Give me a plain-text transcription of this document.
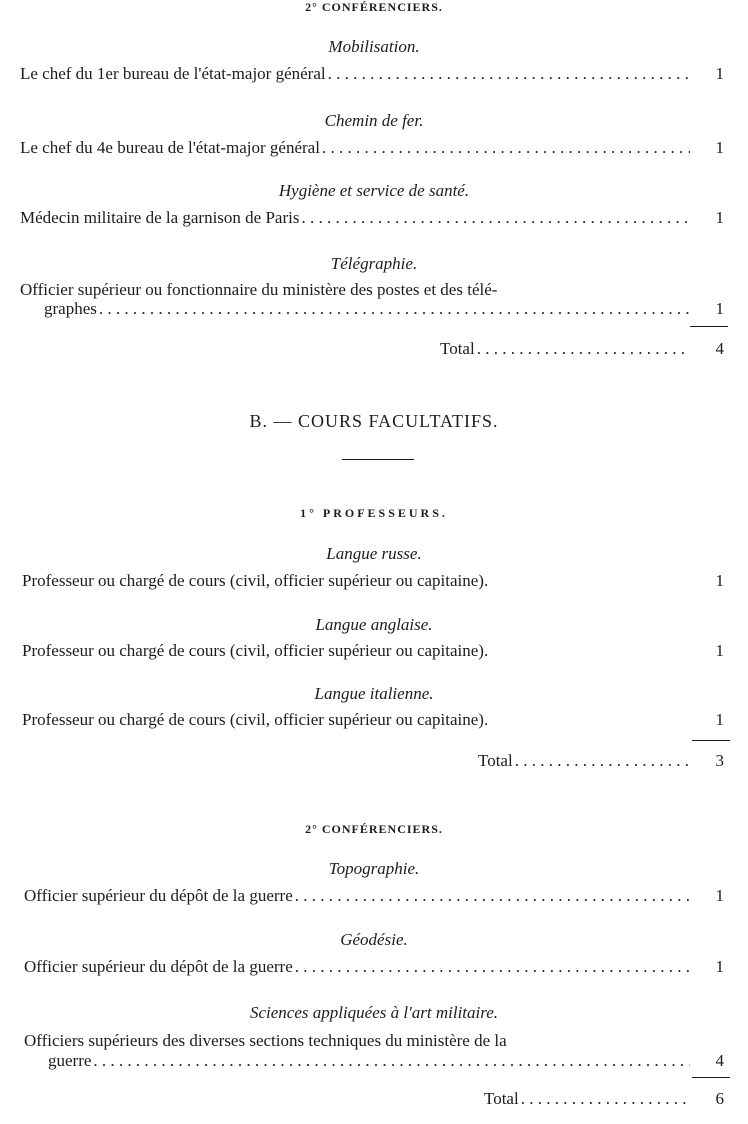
2° CONFÉRENCIERS.
Mobilisation.
Le chef du 1er bureau de l'état-major général . . .	1
Chemin de fer.
Le chef du 4e bureau de l'état-major général . . .	1
Hygiène et service de santé.
Médecin militaire de la garnison de Paris . . .	1
Télégraphie.
Officier supérieur ou fonctionnaire du ministère des postes et des télé-
graphes . . .	1
Total . . .	4
B. — COURS FACULTATIFS.
1° PROFESSEURS.
Langue russe.
Professeur ou chargé de cours (civil, officier supérieur ou capitaine).	1
Langue anglaise.
Professeur ou chargé de cours (civil, officier supérieur ou capitaine).	1
Langue italienne.
Professeur ou chargé de cours (civil, officier supérieur ou capitaine).	1
Total . . .	3
2° CONFÉRENCIERS.
Topographie.
Officier supérieur du dépôt de la guerre . . .	1
Géodésie.
Officier supérieur du dépôt de la guerre . . .	1
Sciences appliquées à l'art militaire.
Officiers supérieurs des diverses sections techniques du ministère de la
guerre . . .	4
Total . . .	6
